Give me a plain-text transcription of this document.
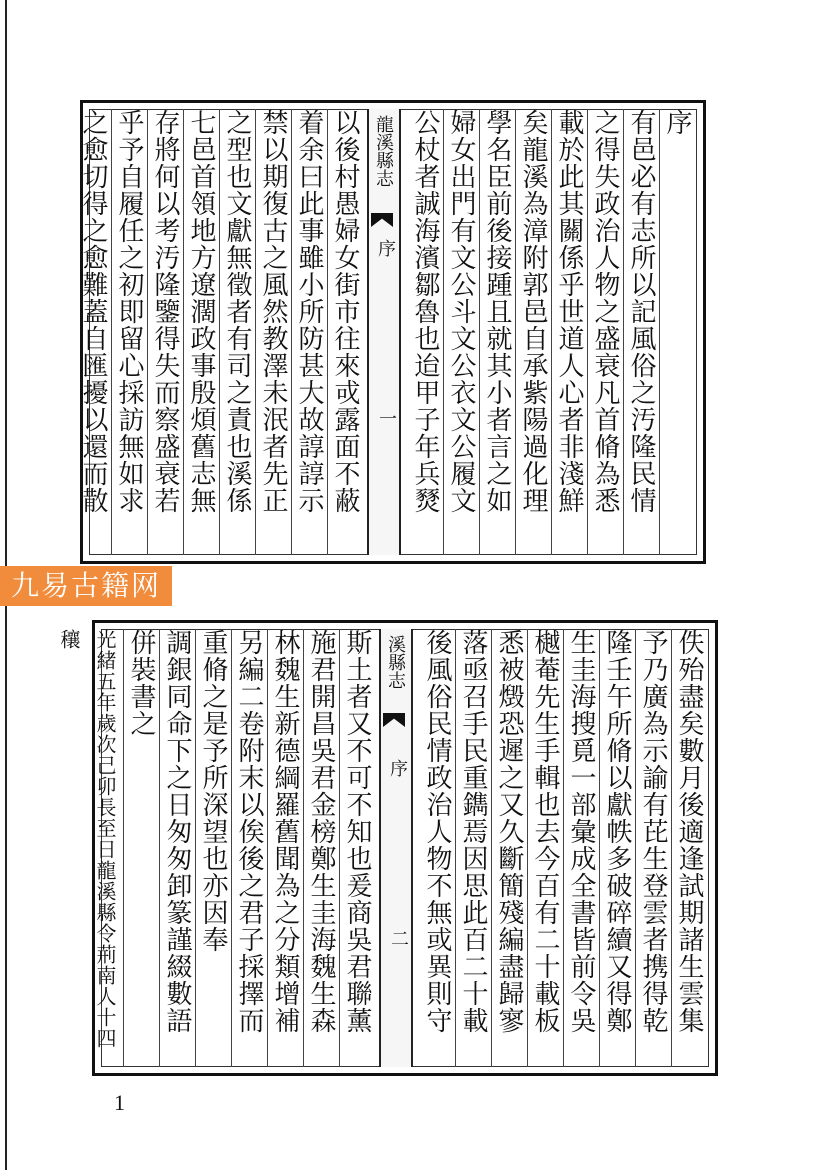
序
有邑必有志所以記風俗之汚隆民情
之得失政治人物之盛衰凡首脩為悉
載於此其關係乎世道人心者非淺鮮
矣龍溪為漳附郭邑自承紫陽過化理
學名臣前後接踵且就其小者言之如
婦女出門有文公斗文公衣文公履文
公杖者誠海濱鄒魯也迨甲子年兵燹
龍溪縣志
序
一
以後村愚婦女街市往來戓露面不蔽
着余曰此事雖小所防甚大故諄諄示
禁以期復古之風然教澤未泯者先正
之型也文獻無徵者有司之責也溪係
七邑首領地方遼濶政事殷煩舊志無
存將何以考汚隆鑒得失而察盛衰若
乎予自履任之初即留心採訪無如求
之愈切得之愈難蓋自匯擾以還而散
九易古籍网
佚殆盡矣數月後適逢試期諸生雲集
予乃廣為示諭有芘生登雲者携得乾
隆壬午所脩以獻帙多破碎續又得鄭
生圭海搜覓一部彙成全書皆前令吳
樾菴先生手輯也去今百有二十載板
悉被燬恐遲之又久斷簡殘編盡歸寥
落亟召手民重鐫焉因思此百二十載
後風俗民情政治人物不無或異則守
溪縣志
序
二
斯土者又不可不知也爰商吳君聯薰
施君開昌吳君金榜鄭生圭海魏生森
林魏生新德綱羅舊聞為之分類增補
另編二卷附末以俟後之君子採擇而
重脩之是予所深望也亦因奉
調銀同命下之日匆匆卸篆謹綴數語
併裝書之
光緒五年歲次己卯長至日龍溪縣令荊南人十四穰
1
